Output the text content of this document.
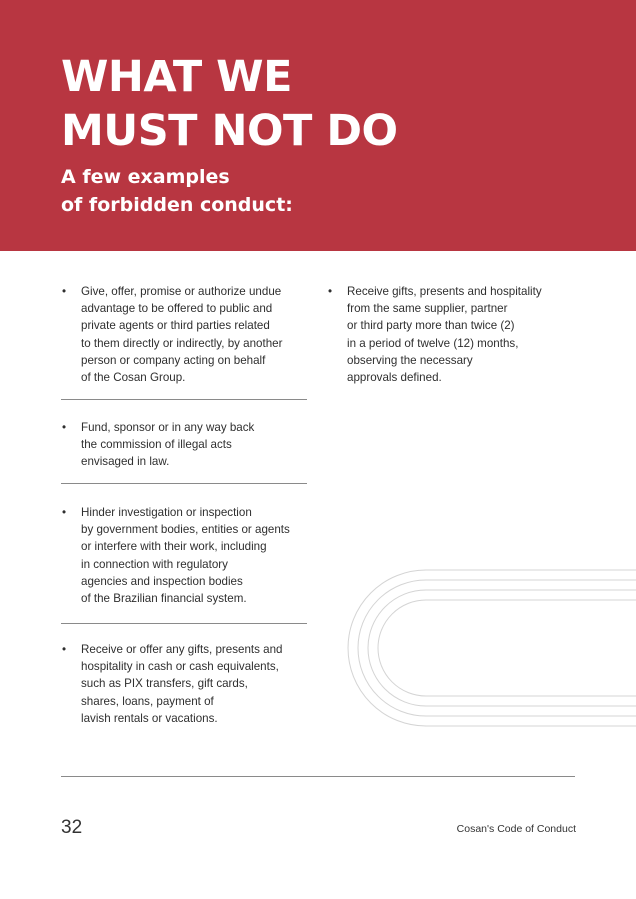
WHAT WE
MUST NOT DO
A few examples
of forbidden conduct:
•	Give, offer, promise or authorize undue
advantage to be offered to public and
private agents or third parties related
to them directly or indirectly, by another
person or company acting on behalf
of the Cosan Group.
•	Fund, sponsor or in any way back
the commission of illegal acts
envisaged in law.
•	Hinder investigation or inspection
by government bodies, entities or agents
or interfere with their work, including
in connection with regulatory
agencies and inspection bodies
of the Brazilian financial system.
•	Receive or offer any gifts, presents and
hospitality in cash or cash equivalents,
such as PIX transfers, gift cards,
shares, loans, payment of
lavish rentals or vacations.
•	Receive gifts, presents and hospitality
from the same supplier, partner
or third party more than twice (2)
in a period of twelve (12) months,
observing the necessary
approvals defined.
32	Cosan's Code of Conduct
